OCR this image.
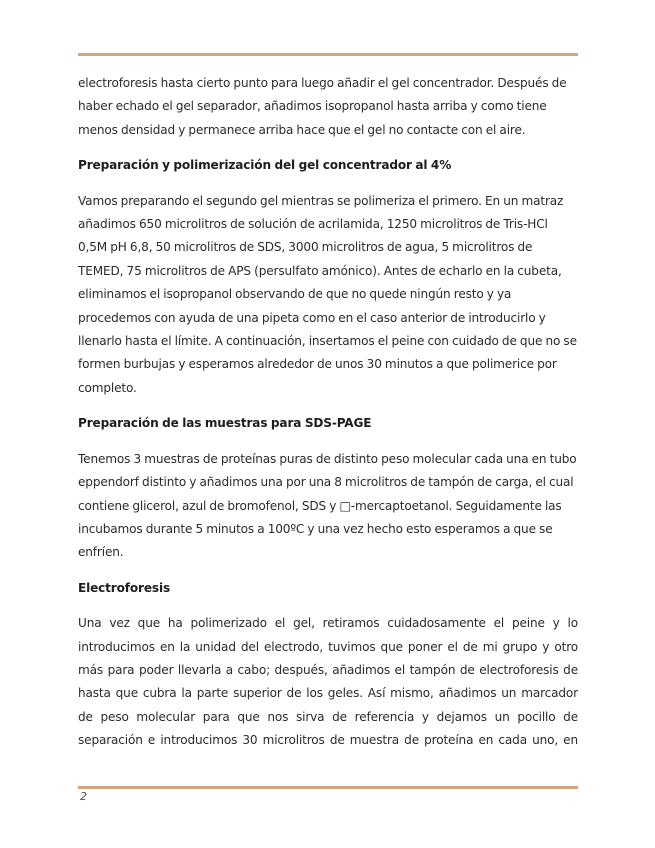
electroforesis hasta cierto punto para luego añadir el gel concentrador. Después de haber echado el gel separador, añadimos isopropanol hasta arriba y como tiene menos densidad y permanece arriba hace que el gel no contacte con el aire.

Preparación y polimerización del gel concentrador al 4%

Vamos preparando el segundo gel mientras se polimeriza el primero. En un matraz añadimos 650 microlitros de solución de acrilamida, 1250 microlitros de Tris-HCl 0,5M pH 6,8, 50 microlitros de SDS, 3000 microlitros de agua, 5 microlitros de TEMED, 75 microlitros de APS (persulfato amónico). Antes de echarlo en la cubeta, eliminamos el isopropanol observando de que no quede ningún resto y ya procedemos con ayuda de una pipeta como en el caso anterior de introducirlo y llenarlo hasta el límite. A continuación, insertamos el peine con cuidado de que no se formen burbujas y esperamos alrededor de unos 30 minutos a que polimerice por completo.

Preparación de las muestras para SDS-PAGE

Tenemos 3 muestras de proteínas puras de distinto peso molecular cada una en tubo eppendorf distinto y añadimos una por una 8 microlitros de tampón de carga, el cual contiene glicerol, azul de bromofenol, SDS y □-mercaptoetanol. Seguidamente las incubamos durante 5 minutos a 100ºC y una vez hecho esto esperamos a que se enfríen.

Electroforesis

Una vez que ha polimerizado el gel, retiramos cuidadosamente el peine y lo
introducimos en la unidad del electrodo, tuvimos que poner el de mi grupo y otro
más para poder llevarla a cabo; después, añadimos el tampón de electroforesis de
hasta que cubra la parte superior de los geles. Así mismo, añadimos un marcador
de peso molecular para que nos sirva de referencia y dejamos un pocillo de
separación e introducimos 30 microlitros de muestra de proteína en cada uno, en

2
